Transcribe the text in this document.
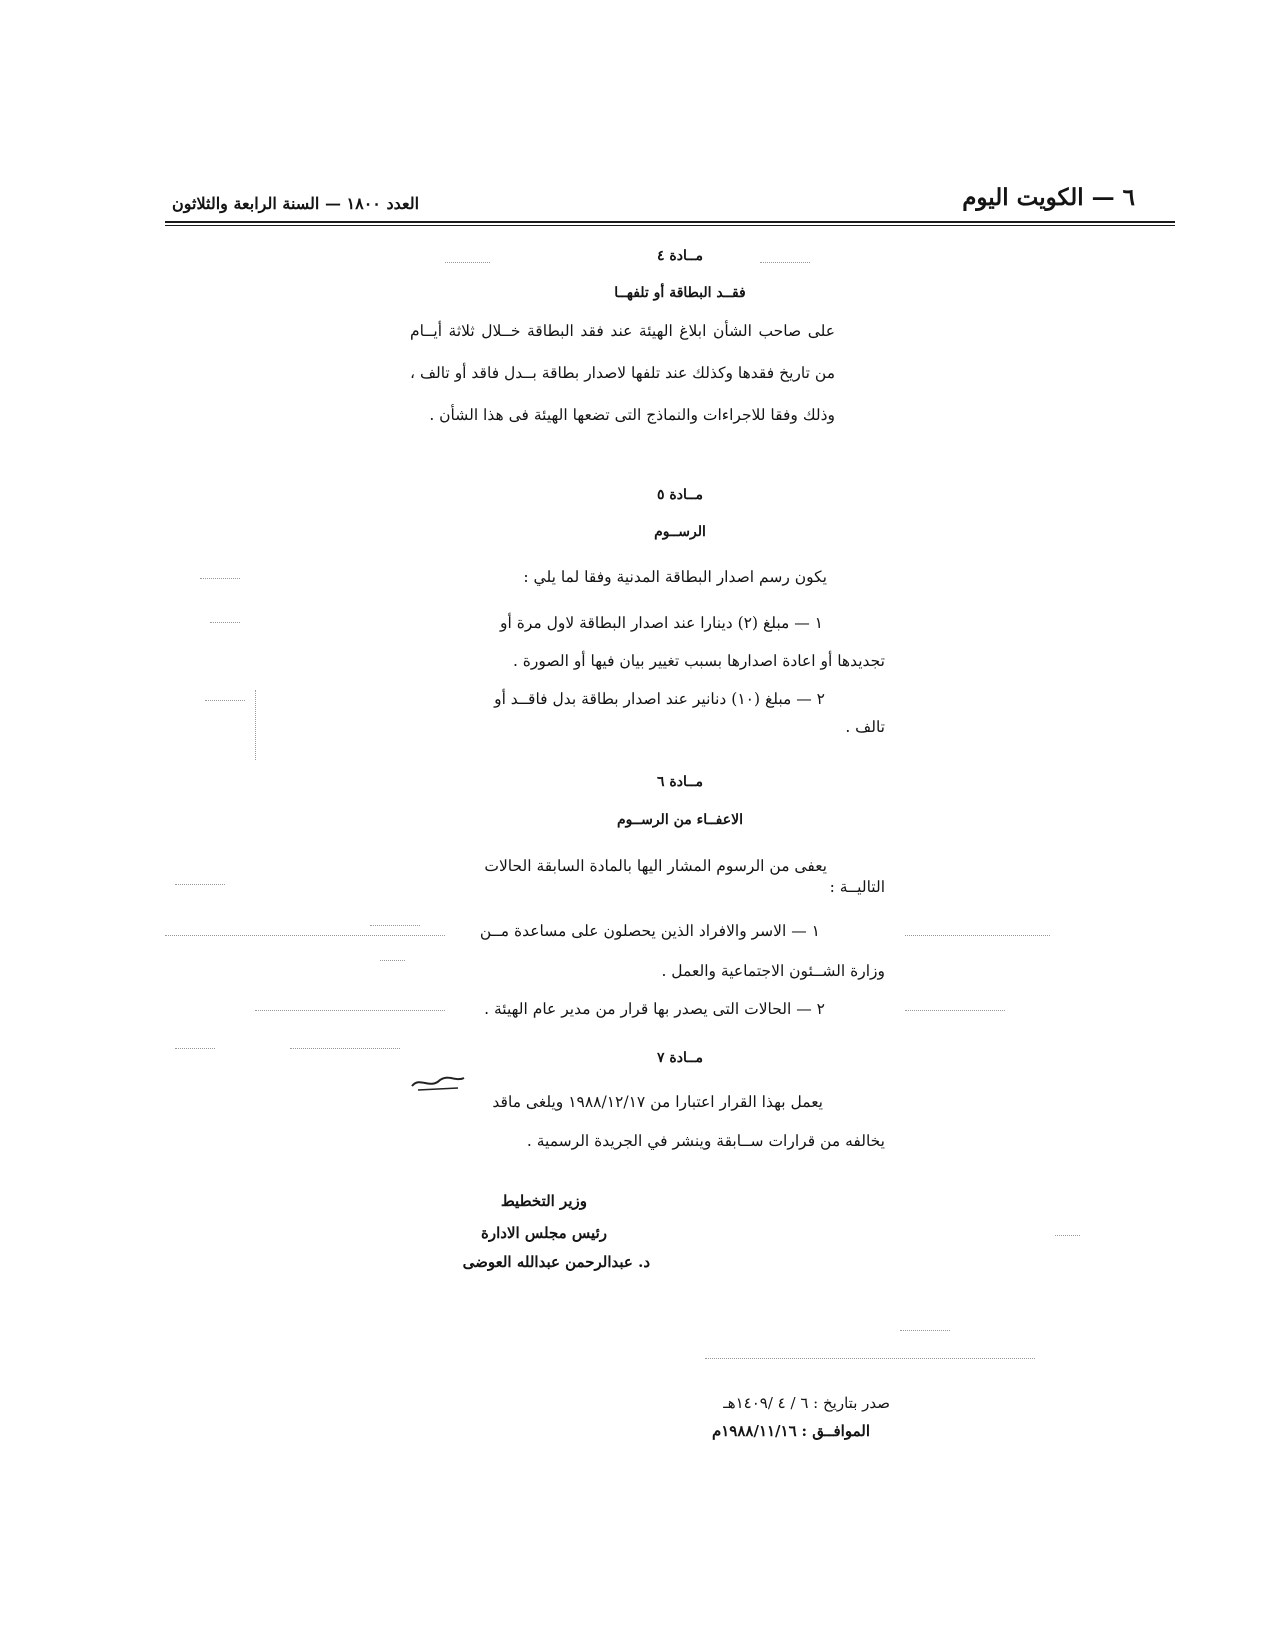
٦ — الكويت اليوم
العدد ١٨٠٠ — السنة الرابعة والثلاثون
مــادة ٤
فقــد البطاقة أو تلفهــا
على صاحب الشأن ابلاغ الهيئة عند فقد البطاقة خــلال ثلاثة أيــام من تاريخ فقدها وكذلك عند تلفها لاصدار بطاقة بــدل فاقد أو تالف ، وذلك وفقا للاجراءات والنماذج التى تضعها الهيئة فى هذا الشأن .
مــادة ٥
الرســوم
يكون رسم اصدار البطاقة المدنية وفقا لما يلي :
١ — مبلغ (٢) دينارا عند اصدار البطاقة لاول مرة أو
تجديدها أو اعادة اصدارها بسبب تغيير بيان فيها أو الصورة .
٢ — مبلغ (١٠) دنانير عند اصدار بطاقة بدل فاقــد أو
تالف .
مــادة ٦
الاعفــاء من الرســوم
يعفى من الرسوم المشار اليها بالمادة السابقة الحالات
التاليــة :
١ — الاسر والافراد الذين يحصلون على مساعدة مــن
وزارة الشــئون الاجتماعية والعمل .
٢ — الحالات التى يصدر بها قرار من مدير عام الهيئة .
مــادة ٧
يعمل بهذا القرار اعتبارا من ١٩٨٨/١٢/١٧ ويلغى ماقد
يخالفه من قرارات ســابقة وينشر في الجريدة الرسمية .
وزير التخطيط
رئيس مجلس الادارة
د. عبدالرحمن عبدالله العوضى
صدر بتاريخ : ٦ / ٤ /١٤٠٩هـ
الموافــق : ١٩٨٨/١١/١٦م
